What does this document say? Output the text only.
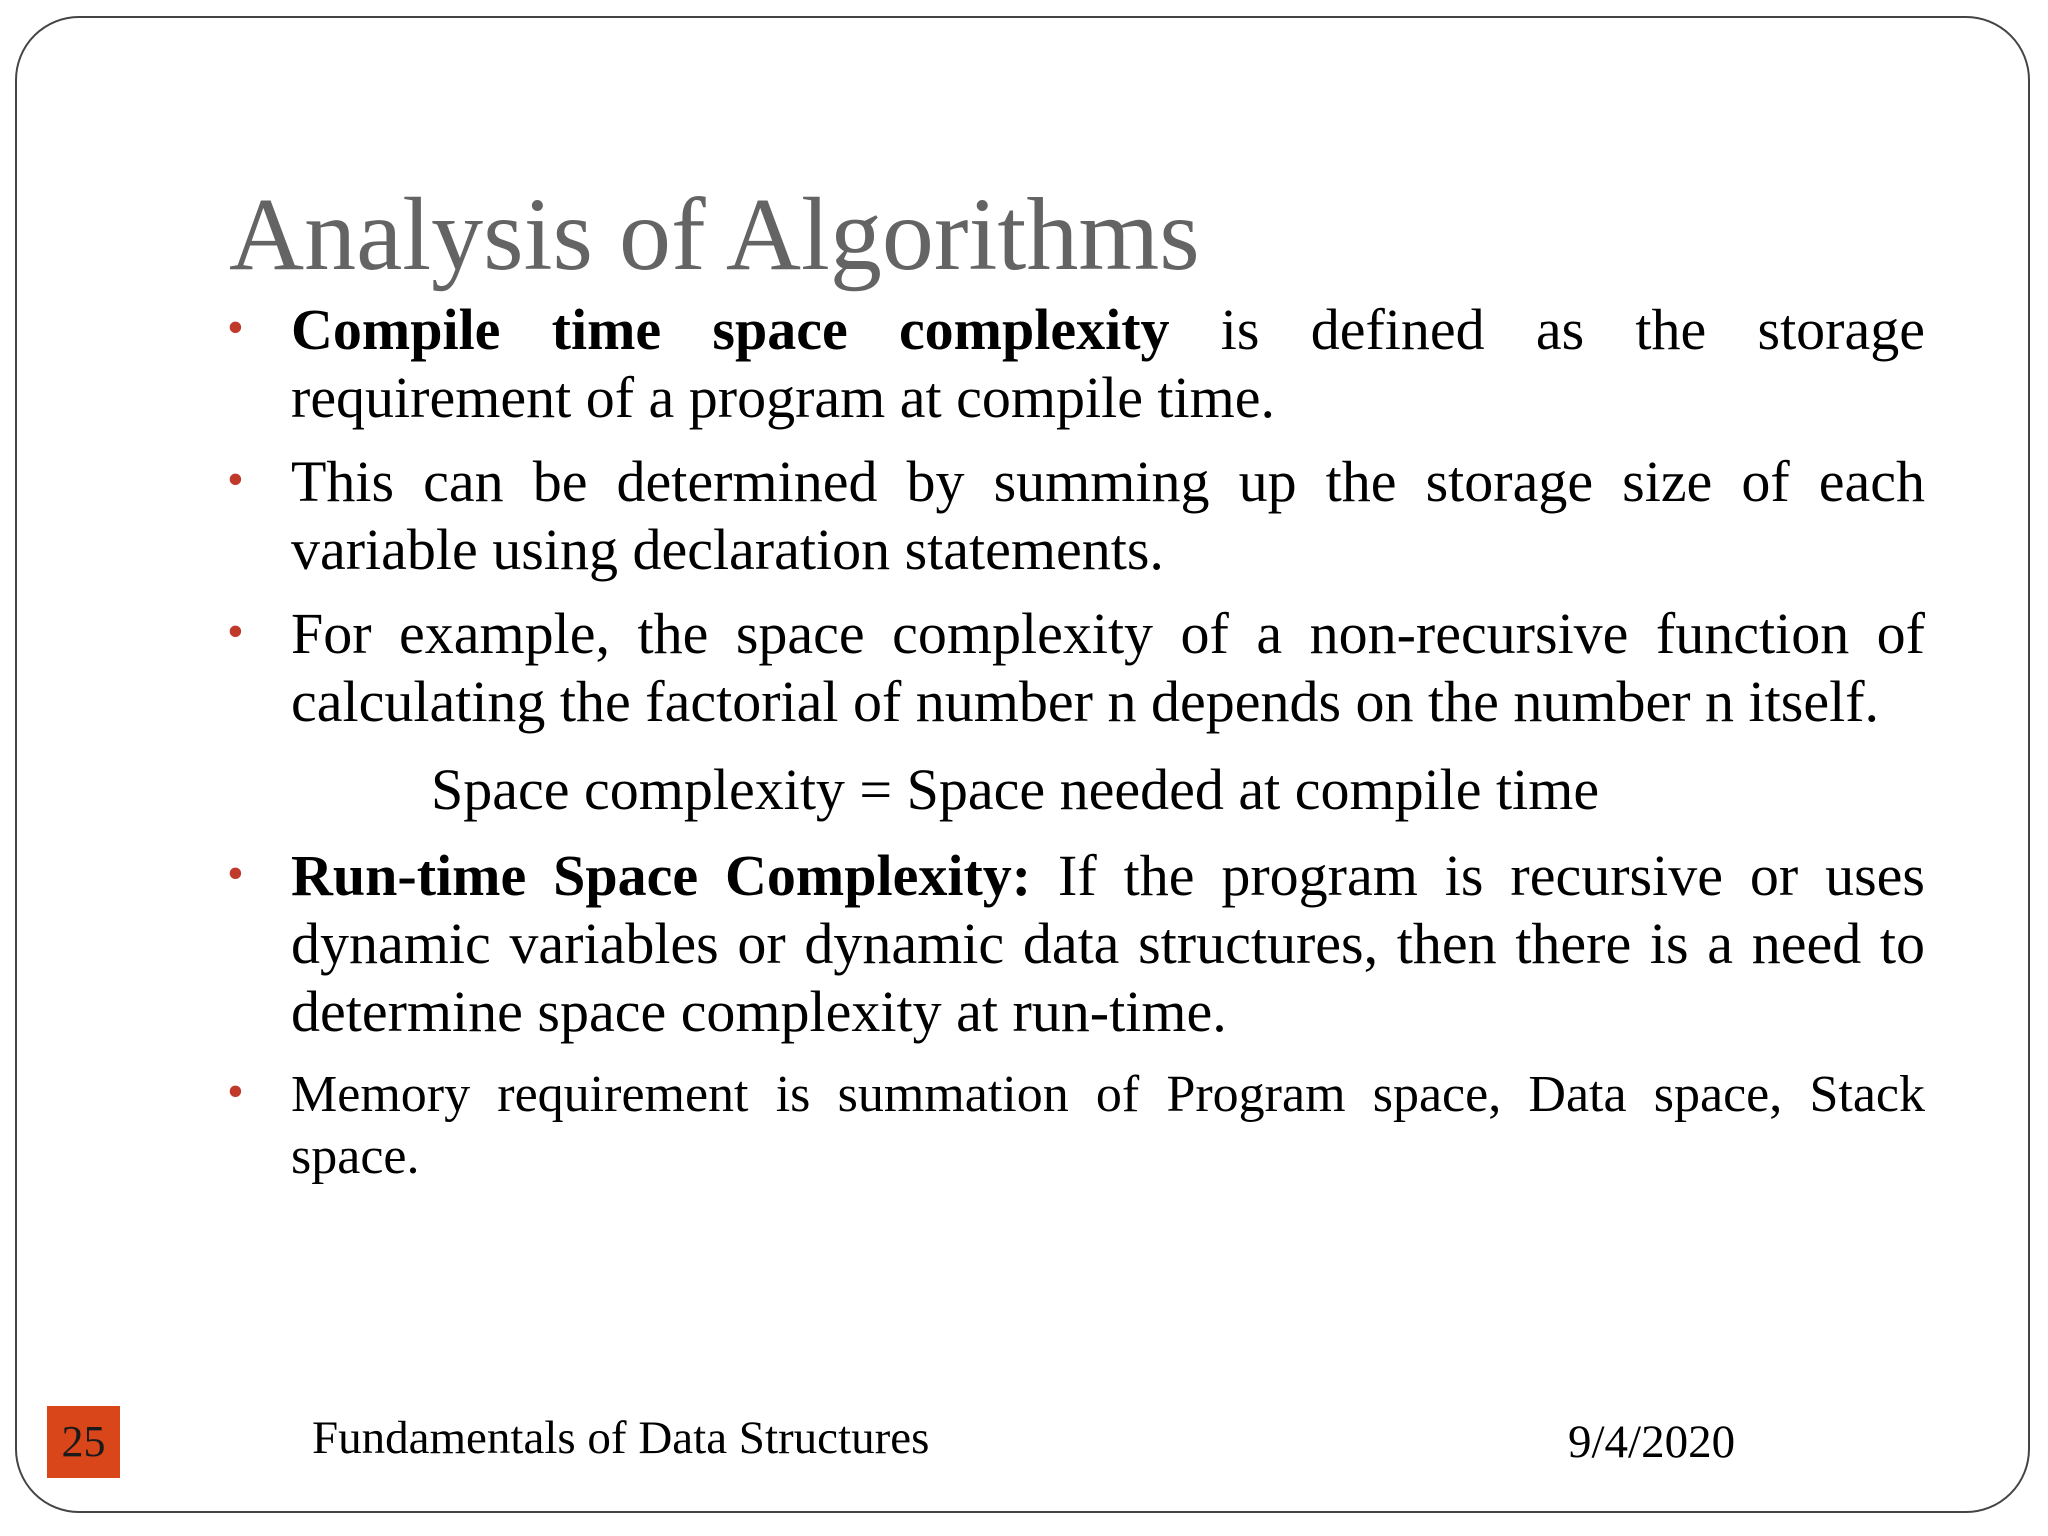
Analysis of Algorithms
• Compile time space complexity is defined as the storage requirement of a program at compile time.
• This can be determined by summing up the storage size of each variable using declaration statements.
• For example, the space complexity of a non-recursive function of calculating the factorial of number n depends on the number n itself.
Space complexity = Space needed at compile time
• Run-time Space Complexity: If the program is recursive or uses dynamic variables or dynamic data structures, then there is a need to determine space complexity at run-time.
• Memory requirement is summation of Program space, Data space, Stack space.
25	Fundamentals of Data Structures	9/4/2020
